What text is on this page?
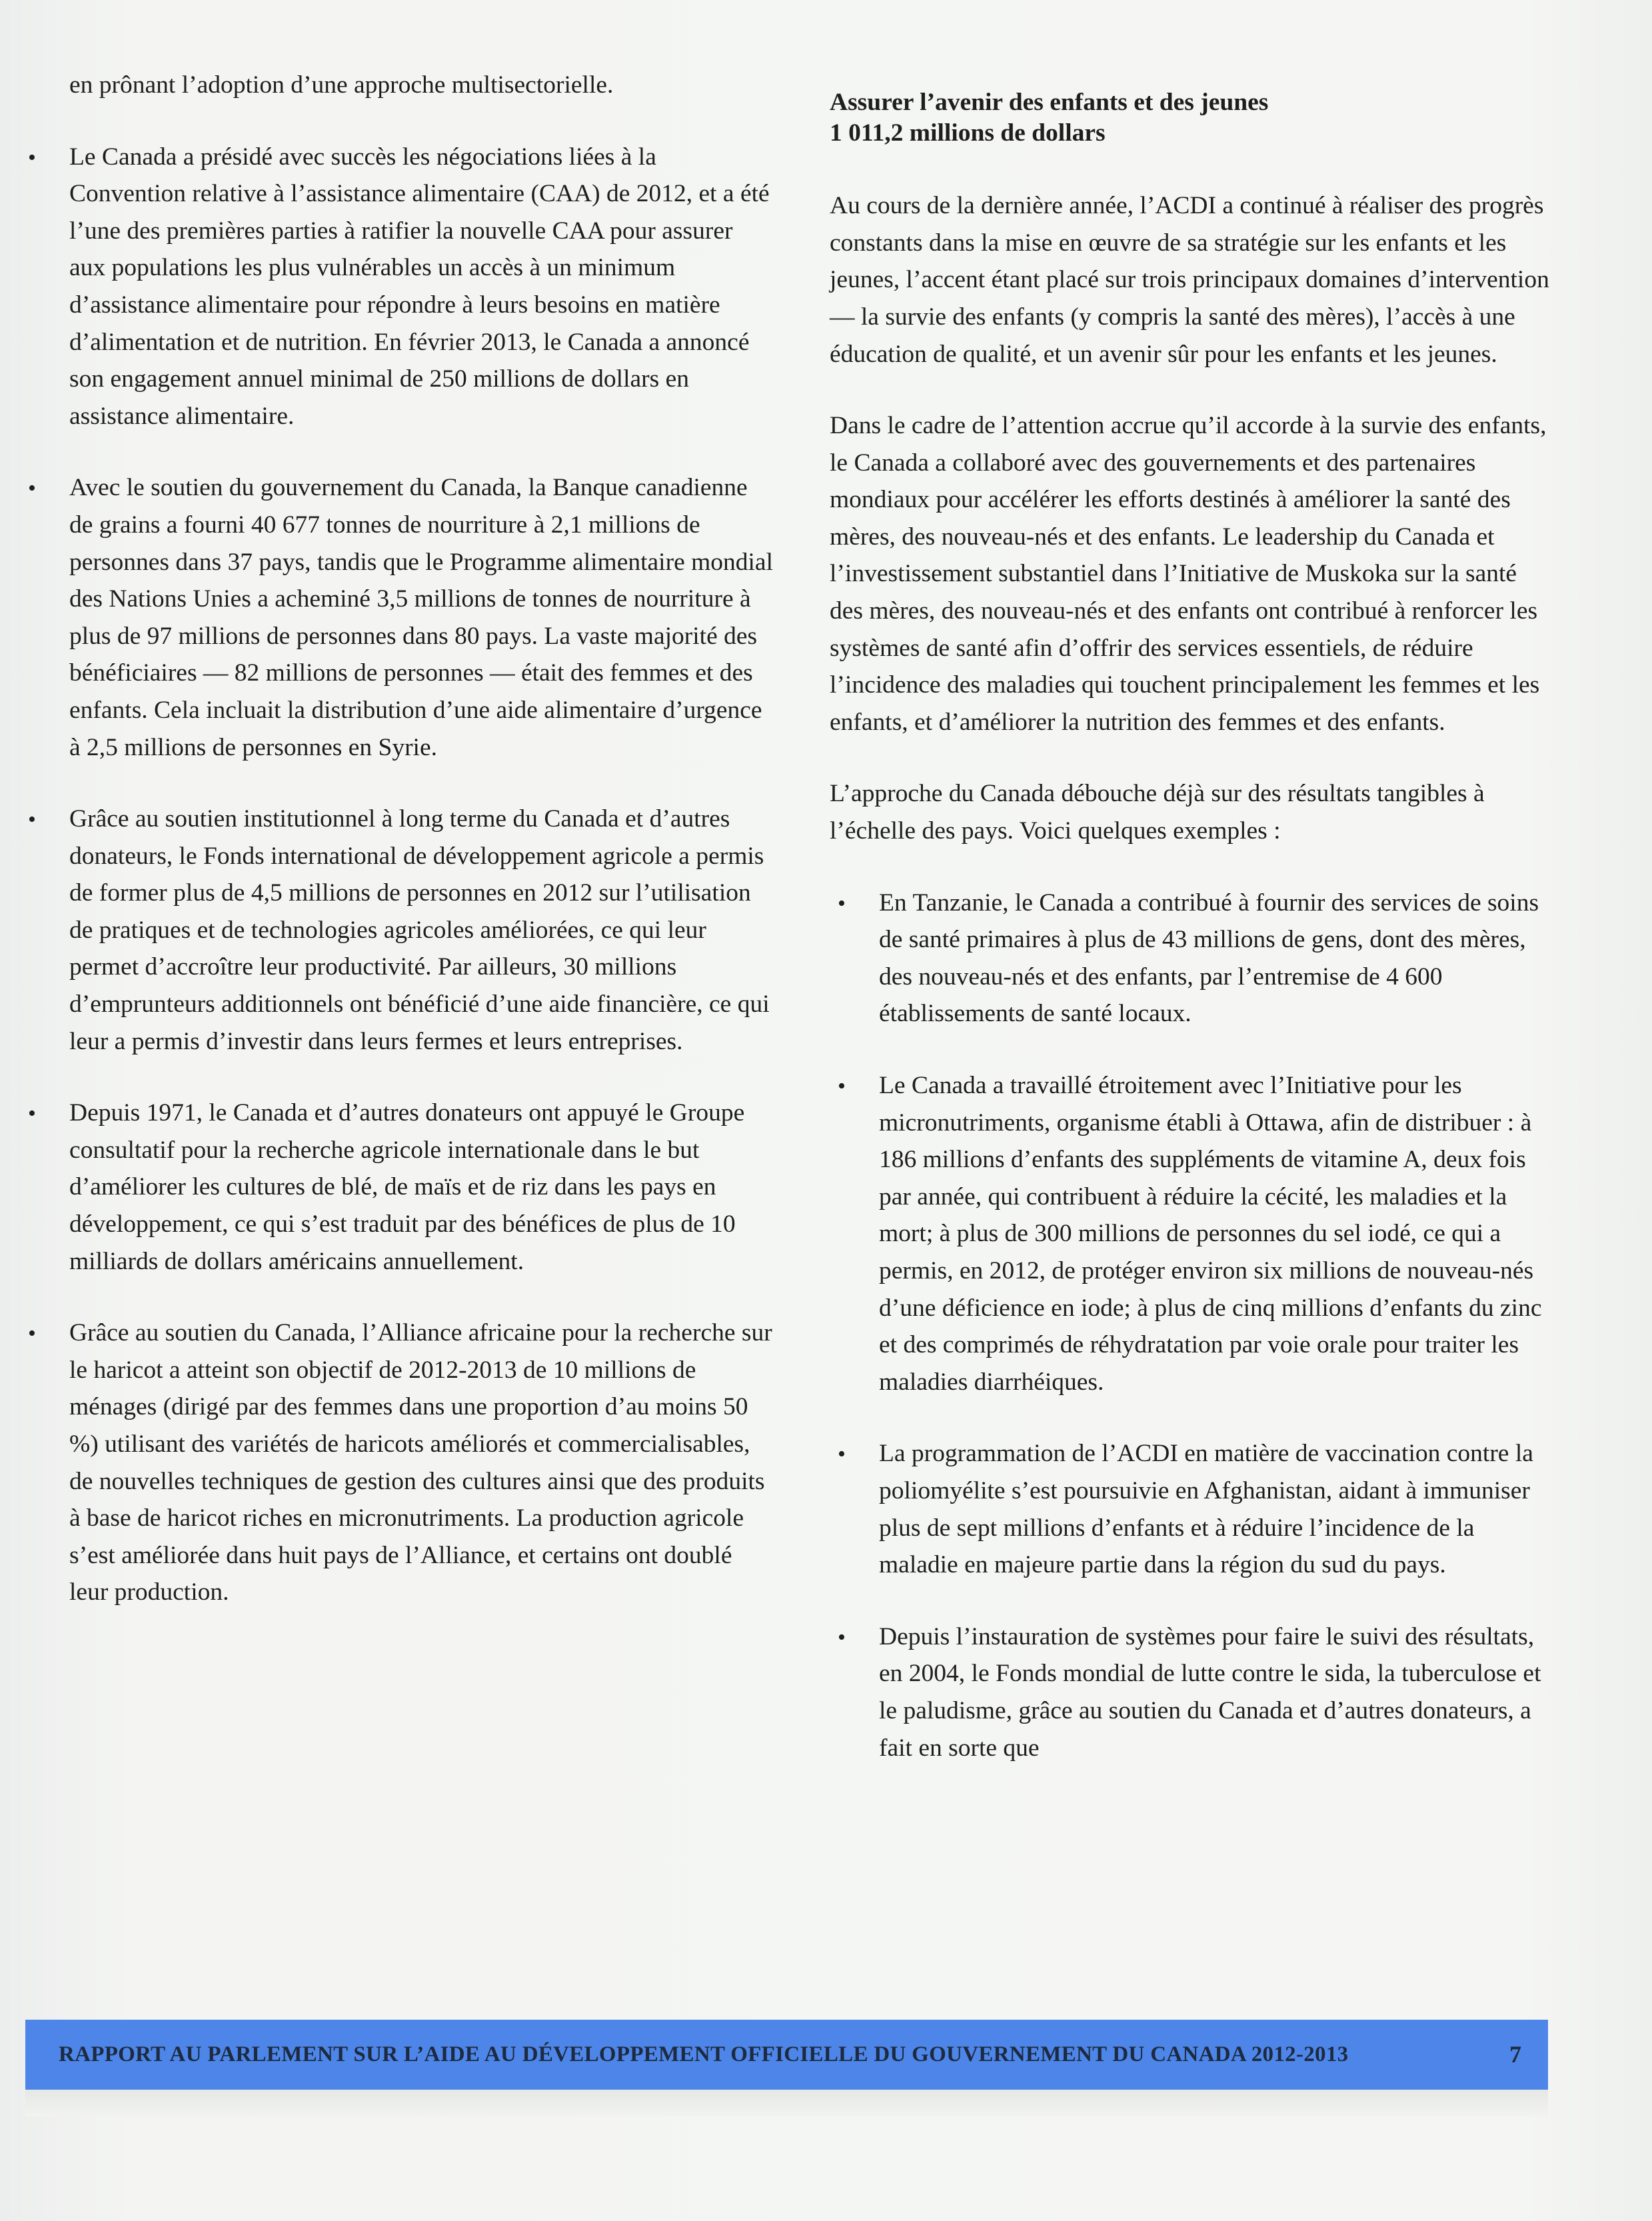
en prônant l’adoption d’une approche multisectorielle.

•	Le Canada a présidé avec succès les négociations liées à la Convention relative à l’assistance alimentaire (CAA) de 2012, et a été l’une des premières parties à ratifier la nouvelle CAA pour assurer aux populations les plus vulnérables un accès à un minimum d’assistance alimentaire pour répondre à leurs besoins en matière d’alimentation et de nutrition. En février 2013, le Canada a annoncé son engagement annuel minimal de 250 millions de dollars en assistance alimentaire.
•	Avec le soutien du gouvernement du Canada, la Banque canadienne de grains a fourni 40 677 tonnes de nourriture à 2,1 millions de personnes dans 37 pays, tandis que le Programme alimentaire mondial des Nations Unies a acheminé 3,5 millions de tonnes de nourriture à plus de 97 millions de personnes dans 80 pays. La vaste majorité des bénéficiaires — 82 millions de personnes — était des femmes et des enfants. Cela incluait la distribution d’une aide alimentaire d’urgence à 2,5 millions de personnes en Syrie.
•	Grâce au soutien institutionnel à long terme du Canada et d’autres donateurs, le Fonds international de développement agricole a permis de former plus de 4,5 millions de personnes en 2012 sur l’utilisation de pratiques et de technologies agricoles améliorées, ce qui leur permet d’accroître leur productivité. Par ailleurs, 30 millions d’emprunteurs additionnels ont bénéficié d’une aide financière, ce qui leur a permis d’investir dans leurs fermes et leurs entreprises.
•	Depuis 1971, le Canada et d’autres donateurs ont appuyé le Groupe consultatif pour la recherche agricole internationale dans le but d’améliorer les cultures de blé, de maïs et de riz dans les pays en développement, ce qui s’est traduit par des bénéfices de plus de 10 milliards de dollars américains annuellement.
•	Grâce au soutien du Canada, l’Alliance africaine pour la recherche sur le haricot a atteint son objectif de 2012-2013 de 10 millions de ménages (dirigé par des femmes dans une proportion d’au moins 50 %) utilisant des variétés de haricots améliorés et commercialisables, de nouvelles techniques de gestion des cultures ainsi que des produits à base de haricot riches en micronutriments. La production agricole s’est améliorée dans huit pays de l’Alliance, et certains ont doublé leur production.
Assurer l’avenir des enfants et des jeunes
1 011,2 millions de dollars

Au cours de la dernière année, l’ACDI a continué à réaliser des progrès constants dans la mise en œuvre de sa stratégie sur les enfants et les jeunes, l’accent étant placé sur trois principaux domaines d’intervention — la survie des enfants (y compris la santé des mères), l’accès à une éducation de qualité, et un avenir sûr pour les enfants et les jeunes.

Dans le cadre de l’attention accrue qu’il accorde à la survie des enfants, le Canada a collaboré avec des gouvernements et des partenaires mondiaux pour accélérer les efforts destinés à améliorer la santé des mères, des nouveau-nés et des enfants. Le leadership du Canada et l’investissement substantiel dans l’Initiative de Muskoka sur la santé des mères, des nouveau-nés et des enfants ont contribué à renforcer les systèmes de santé afin d’offrir des services essentiels, de réduire l’incidence des maladies qui touchent principalement les femmes et les enfants, et d’améliorer la nutrition des femmes et des enfants.

L’approche du Canada débouche déjà sur des résultats tangibles à l’échelle des pays. Voici quelques exemples :

•	En Tanzanie, le Canada a contribué à fournir des services de soins de santé primaires à plus de 43 millions de gens, dont des mères, des nouveau-nés et des enfants, par l’entremise de 4 600 établissements de santé locaux.
•	Le Canada a travaillé étroitement avec l’Initiative pour les micronutriments, organisme établi à Ottawa, afin de distribuer : à 186 millions d’enfants des suppléments de vitamine A, deux fois par année, qui contribuent à réduire la cécité, les maladies et la mort; à plus de 300 millions de personnes du sel iodé, ce qui a permis, en 2012, de protéger environ six millions de nouveau-nés d’une déficience en iode; à plus de cinq millions d’enfants du zinc et des comprimés de réhydratation par voie orale pour traiter les maladies diarrhéiques.
•	La programmation de l’ACDI en matière de vaccination contre la poliomyélite s’est poursuivie en Afghanistan, aidant à immuniser plus de sept millions d’enfants et à réduire l’incidence de la maladie en majeure partie dans la région du sud du pays.
•	Depuis l’instauration de systèmes pour faire le suivi des résultats, en 2004, le Fonds mondial de lutte contre le sida, la tuberculose et le paludisme, grâce au soutien du Canada et d’autres donateurs, a fait en sorte que
RAPPORT AU PARLEMENT SUR L’AIDE AU DÉVELOPPEMENT OFFICIELLE DU GOUVERNEMENT DU CANADA 2012-2013	7
